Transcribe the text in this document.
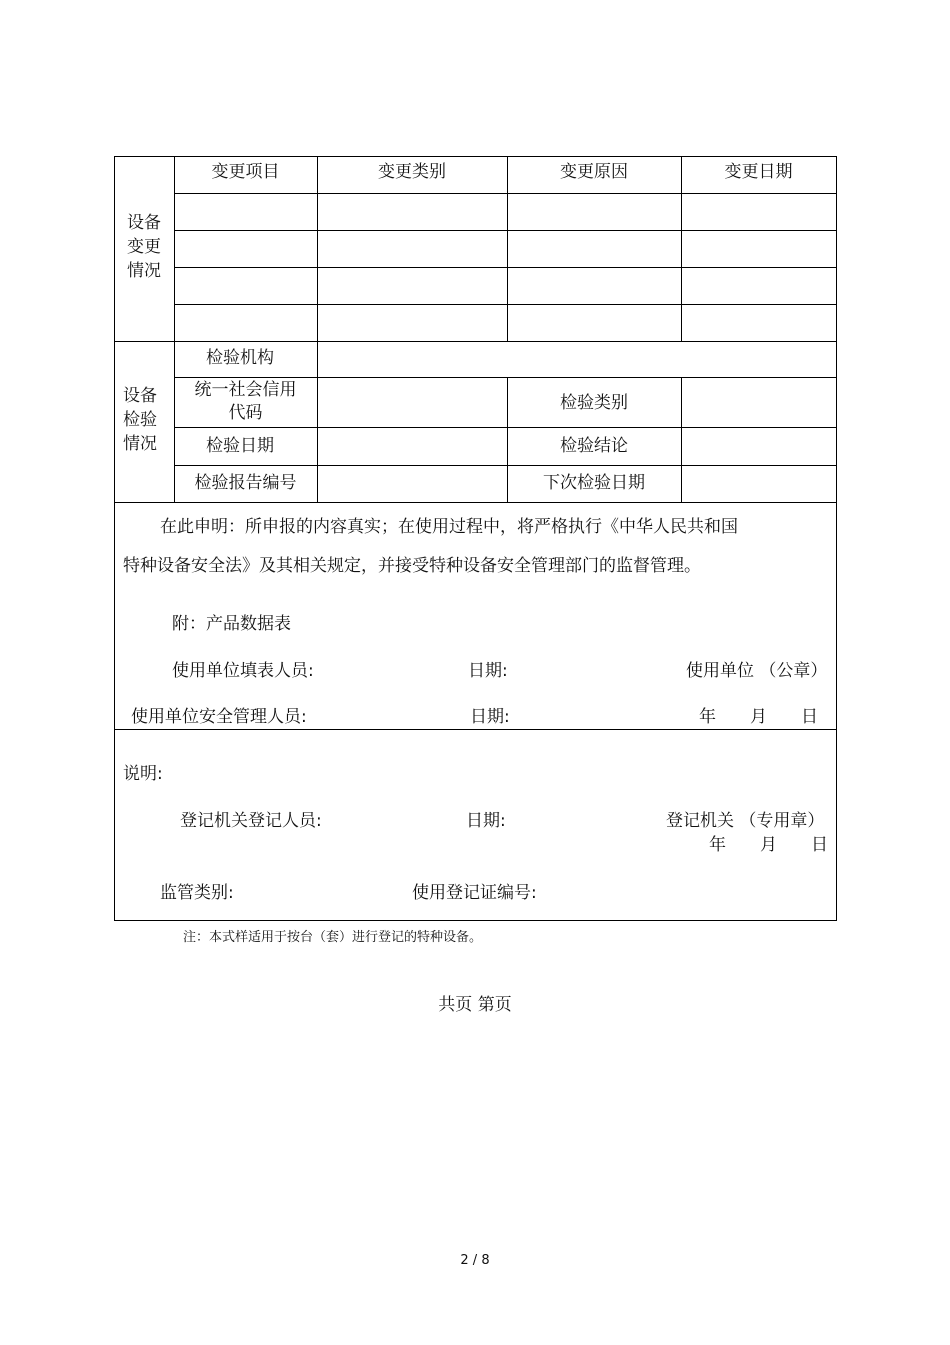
设备
变更
情况
变更项目	变更类别	变更原因	变更日期
设备
检验
情况
检验机构
统一社会信用
代码	检验类别
检验日期	检验结论
检验报告编号	下次检验日期
在此申明：所申报的内容真实；在使用过程中，将严格执行《中华人民共和国
特种设备安全法》及其相关规定，并接受特种设备安全管理部门的监督管理。
附：产品数据表
使用单位填表人员:	日期:	使用单位 （公章）
使用单位安全管理人员:	日期:	年 月 日
说明:
登记机关登记人员:	日期:	登记机关 （专用章）
年 月 日
监管类别:	使用登记证编号:
注：本式样适用于按台（套）进行登记的特种设备。
共页 第页
2 / 8
